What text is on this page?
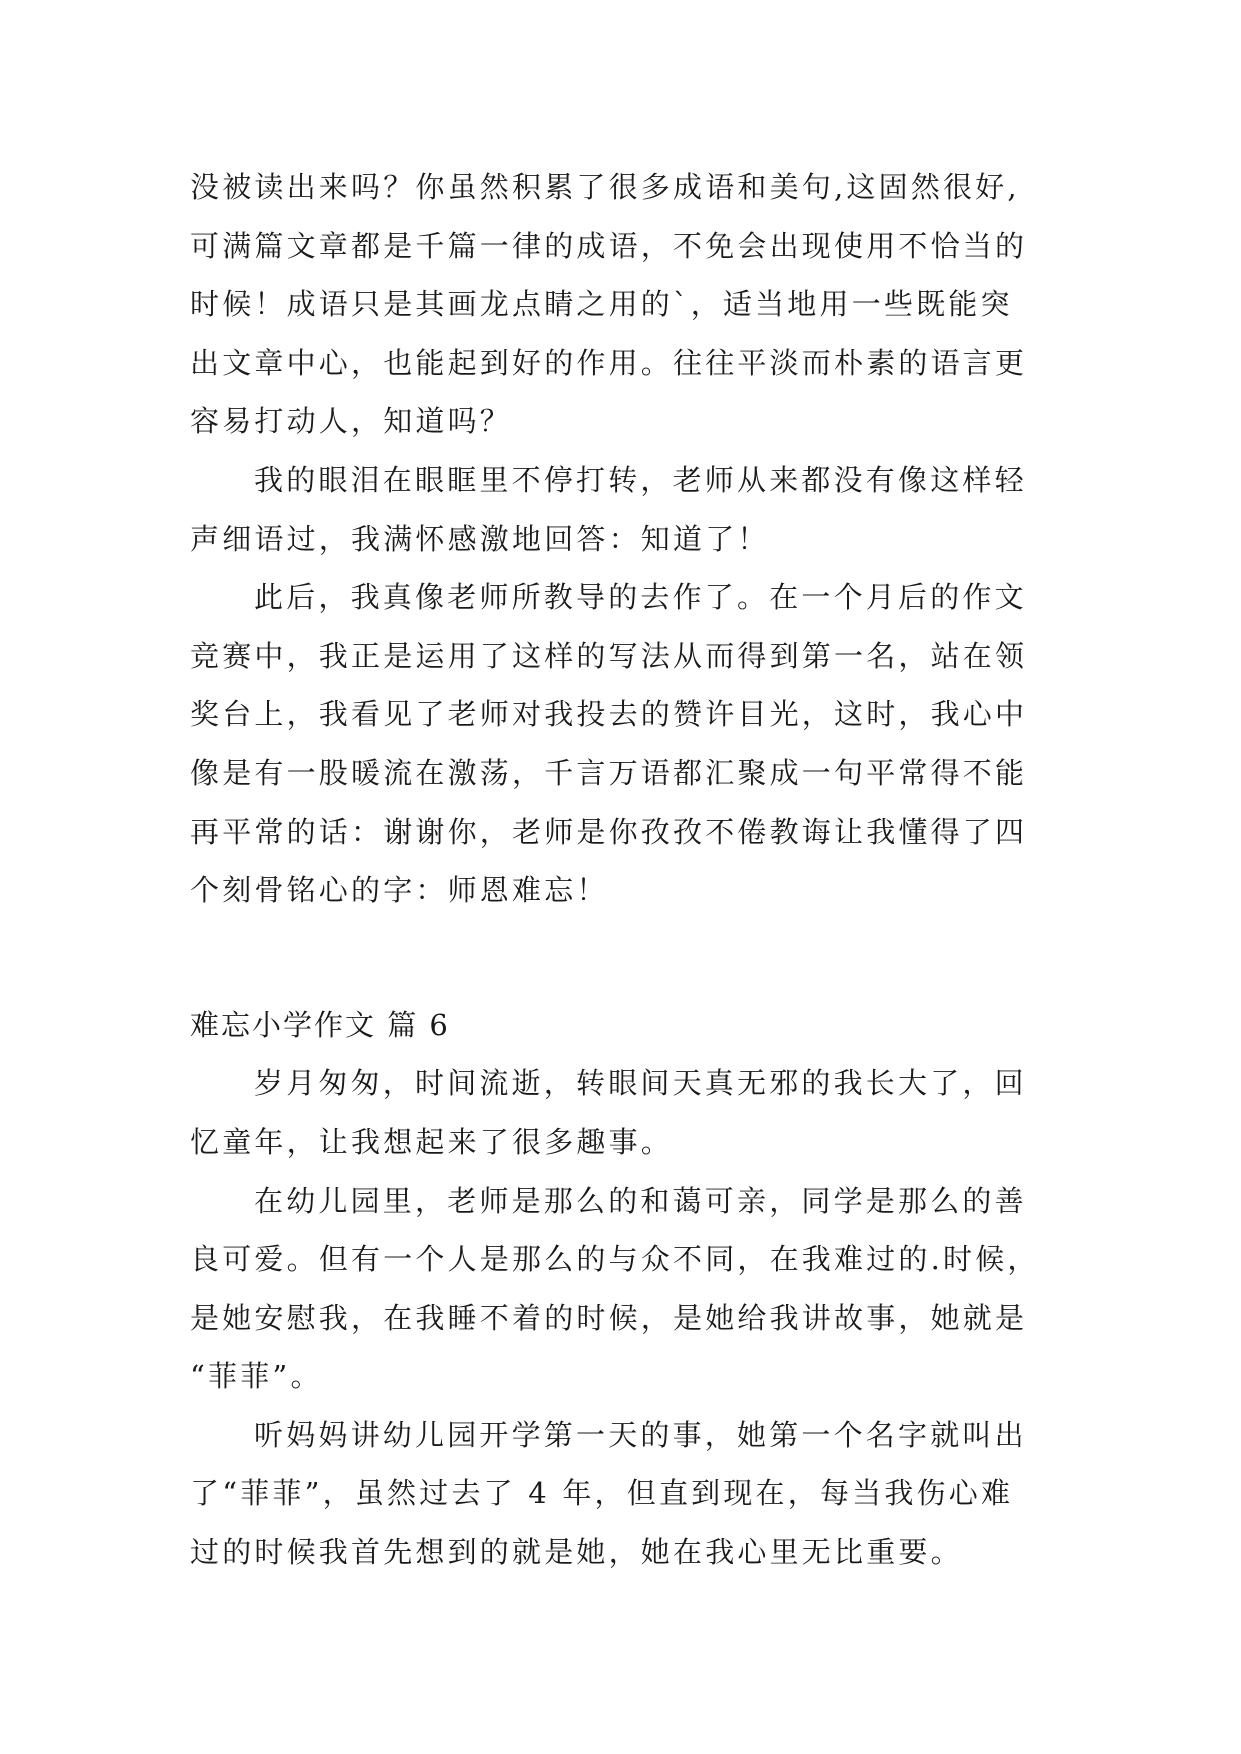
没被读出来吗？你虽然积累了很多成语和美句,这固然很好,
可满篇文章都是千篇一律的成语，不免会出现使用不恰当的
时候！成语只是其画龙点睛之用的`，适当地用一些既能突
出文章中心，也能起到好的作用。往往平淡而朴素的语言更
容易打动人，知道吗？
我的眼泪在眼眶里不停打转，老师从来都没有像这样轻
声细语过，我满怀感激地回答：知道了！
此后，我真像老师所教导的去作了。在一个月后的作文
竞赛中，我正是运用了这样的写法从而得到第一名，站在领
奖台上，我看见了老师对我投去的赞许目光，这时，我心中
像是有一股暖流在激荡，千言万语都汇聚成一句平常得不能
再平常的话：谢谢你，老师是你孜孜不倦教诲让我懂得了四
个刻骨铭心的字：师恩难忘！
难忘小学作文 篇 6
岁月匆匆，时间流逝，转眼间天真无邪的我长大了，回
忆童年，让我想起来了很多趣事。
在幼儿园里，老师是那么的和蔼可亲，同学是那么的善
良可爱。但有一个人是那么的与众不同，在我难过的.时候，
是她安慰我，在我睡不着的时候，是她给我讲故事，她就是
“菲菲”。
听妈妈讲幼儿园开学第一天的事，她第一个名字就叫出
了“菲菲”，虽然过去了 4 年，但直到现在，每当我伤心难
过的时候我首先想到的就是她，她在我心里无比重要。
